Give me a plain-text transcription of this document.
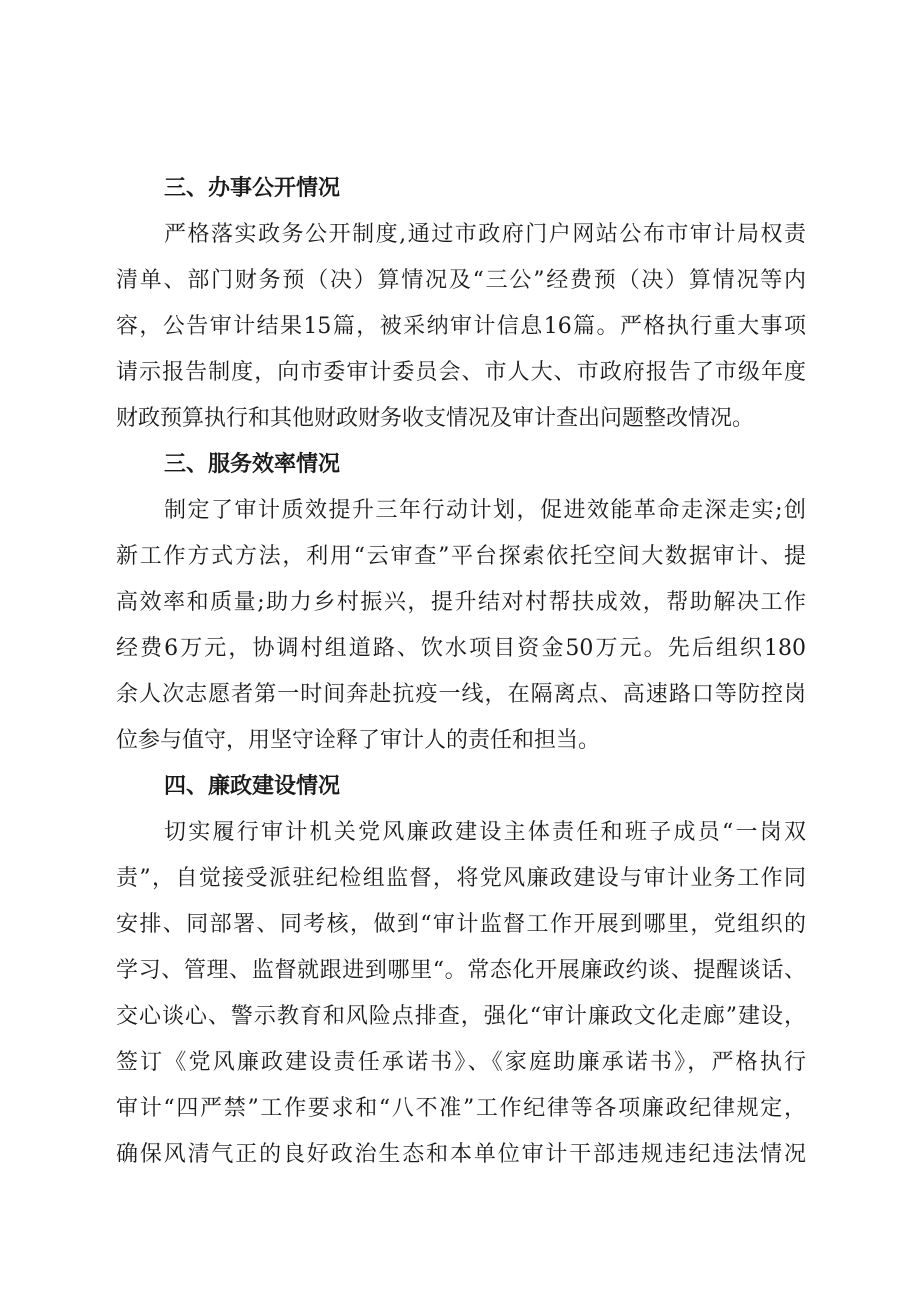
三、办事公开情况

严格落实政务公开制度,通过市政府门户网站公布市审计局权责
清单、部门财务预（决）算情况及“三公”经费预（决）算情况等内
容，公告审计结果15篇，被采纳审计信息16篇。严格执行重大事项
请示报告制度，向市委审计委员会、市人大、市政府报告了市级年度
财政预算执行和其他财政财务收支情况及审计查出问题整改情况。

三、服务效率情况

制定了审计质效提升三年行动计划，促进效能革命走深走实;创
新工作方式方法，利用“云审查”平台探索依托空间大数据审计、提
高效率和质量;助力乡村振兴，提升结对村帮扶成效，帮助解决工作
经费6万元，协调村组道路、饮水项目资金50万元。先后组织180
余人次志愿者第一时间奔赴抗疫一线，在隔离点、高速路口等防控岗
位参与值守，用坚守诠释了审计人的责任和担当。

四、廉政建设情况

切实履行审计机关党风廉政建设主体责任和班子成员“一岗双
责”，自觉接受派驻纪检组监督，将党风廉政建设与审计业务工作同
安排、同部署、同考核，做到“审计监督工作开展到哪里，党组织的
学习、管理、监督就跟进到哪里“。常态化开展廉政约谈、提醒谈话、
交心谈心、警示教育和风险点排查，强化“审计廉政文化走廊”建设，
签订《党风廉政建设责任承诺书》、《家庭助廉承诺书》，严格执行
审计“四严禁”工作要求和“八不准”工作纪律等各项廉政纪律规定，
确保风清气正的良好政治生态和本单位审计干部违规违纪违法情况
